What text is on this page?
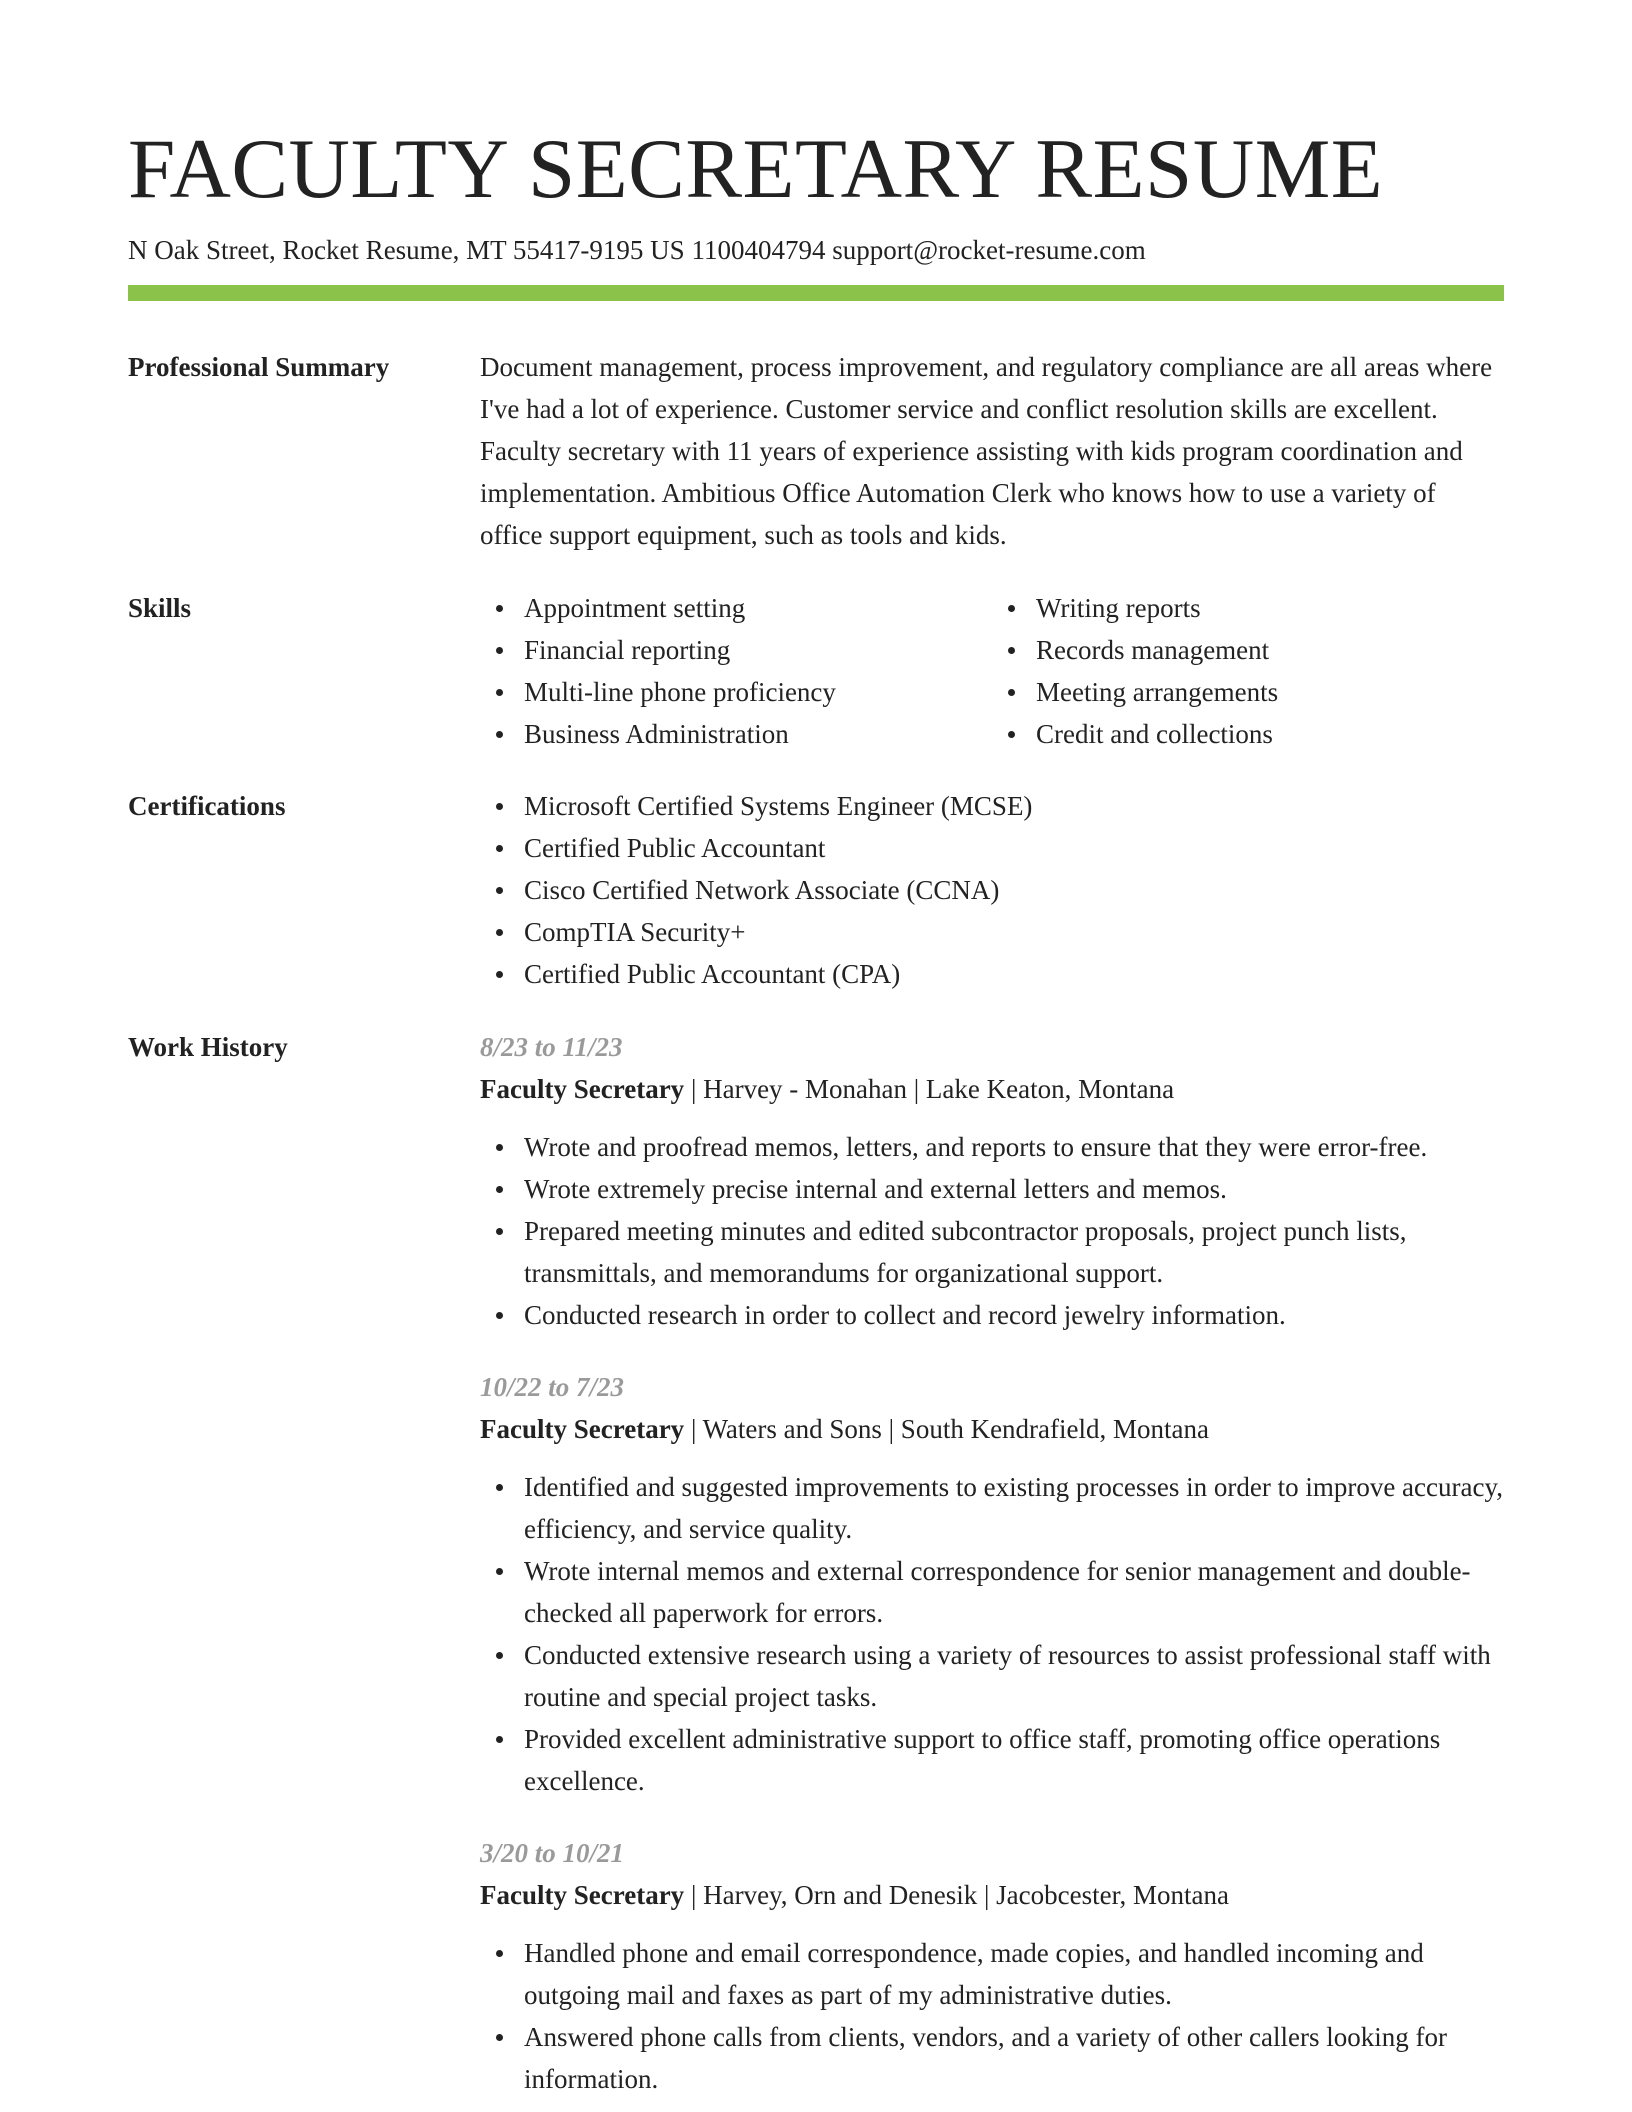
FACULTY SECRETARY RESUME
N Oak Street, Rocket Resume, MT 55417-9195 US 1100404794 support@rocket-resume.com
Professional Summary	Document management, process improvement, and regulatory compliance are all areas where I've had a lot of experience. Customer service and conflict resolution skills are excellent. Faculty secretary with 11 years of experience assisting with kids program coordination and implementation. Ambitious Office Automation Clerk who knows how to use a variety of office support equipment, such as tools and kids.

Skills	Appointment setting
Financial reporting
Multi-line phone proficiency
Business Administration
Writing reports
Records management
Meeting arrangements
Credit and collections
Certifications	Microsoft Certified Systems Engineer (MCSE)
Certified Public Accountant
Cisco Certified Network Associate (CCNA)
CompTIA Security+
Certified Public Accountant (CPA)
Work History	8/23 to 11/23
Faculty Secretary | Harvey - Monahan | Lake Keaton, Montana
Wrote and proofread memos, letters, and reports to ensure that they were error-free.
Wrote extremely precise internal and external letters and memos.
Prepared meeting minutes and edited subcontractor proposals, project punch lists, transmittals, and memorandums for organizational support.
Conducted research in order to collect and record jewelry information.
10/22 to 7/23
Faculty Secretary | Waters and Sons | South Kendrafield, Montana
Identified and suggested improvements to existing processes in order to improve accuracy, efficiency, and service quality.
Wrote internal memos and external correspondence for senior management and double-checked all paperwork for errors.
Conducted extensive research using a variety of resources to assist professional staff with routine and special project tasks.
Provided excellent administrative support to office staff, promoting office operations excellence.
3/20 to 10/21
Faculty Secretary | Harvey, Orn and Denesik | Jacobcester, Montana
Handled phone and email correspondence, made copies, and handled incoming and outgoing mail and faxes as part of my administrative duties.
Answered phone calls from clients, vendors, and a variety of other callers looking for information.
